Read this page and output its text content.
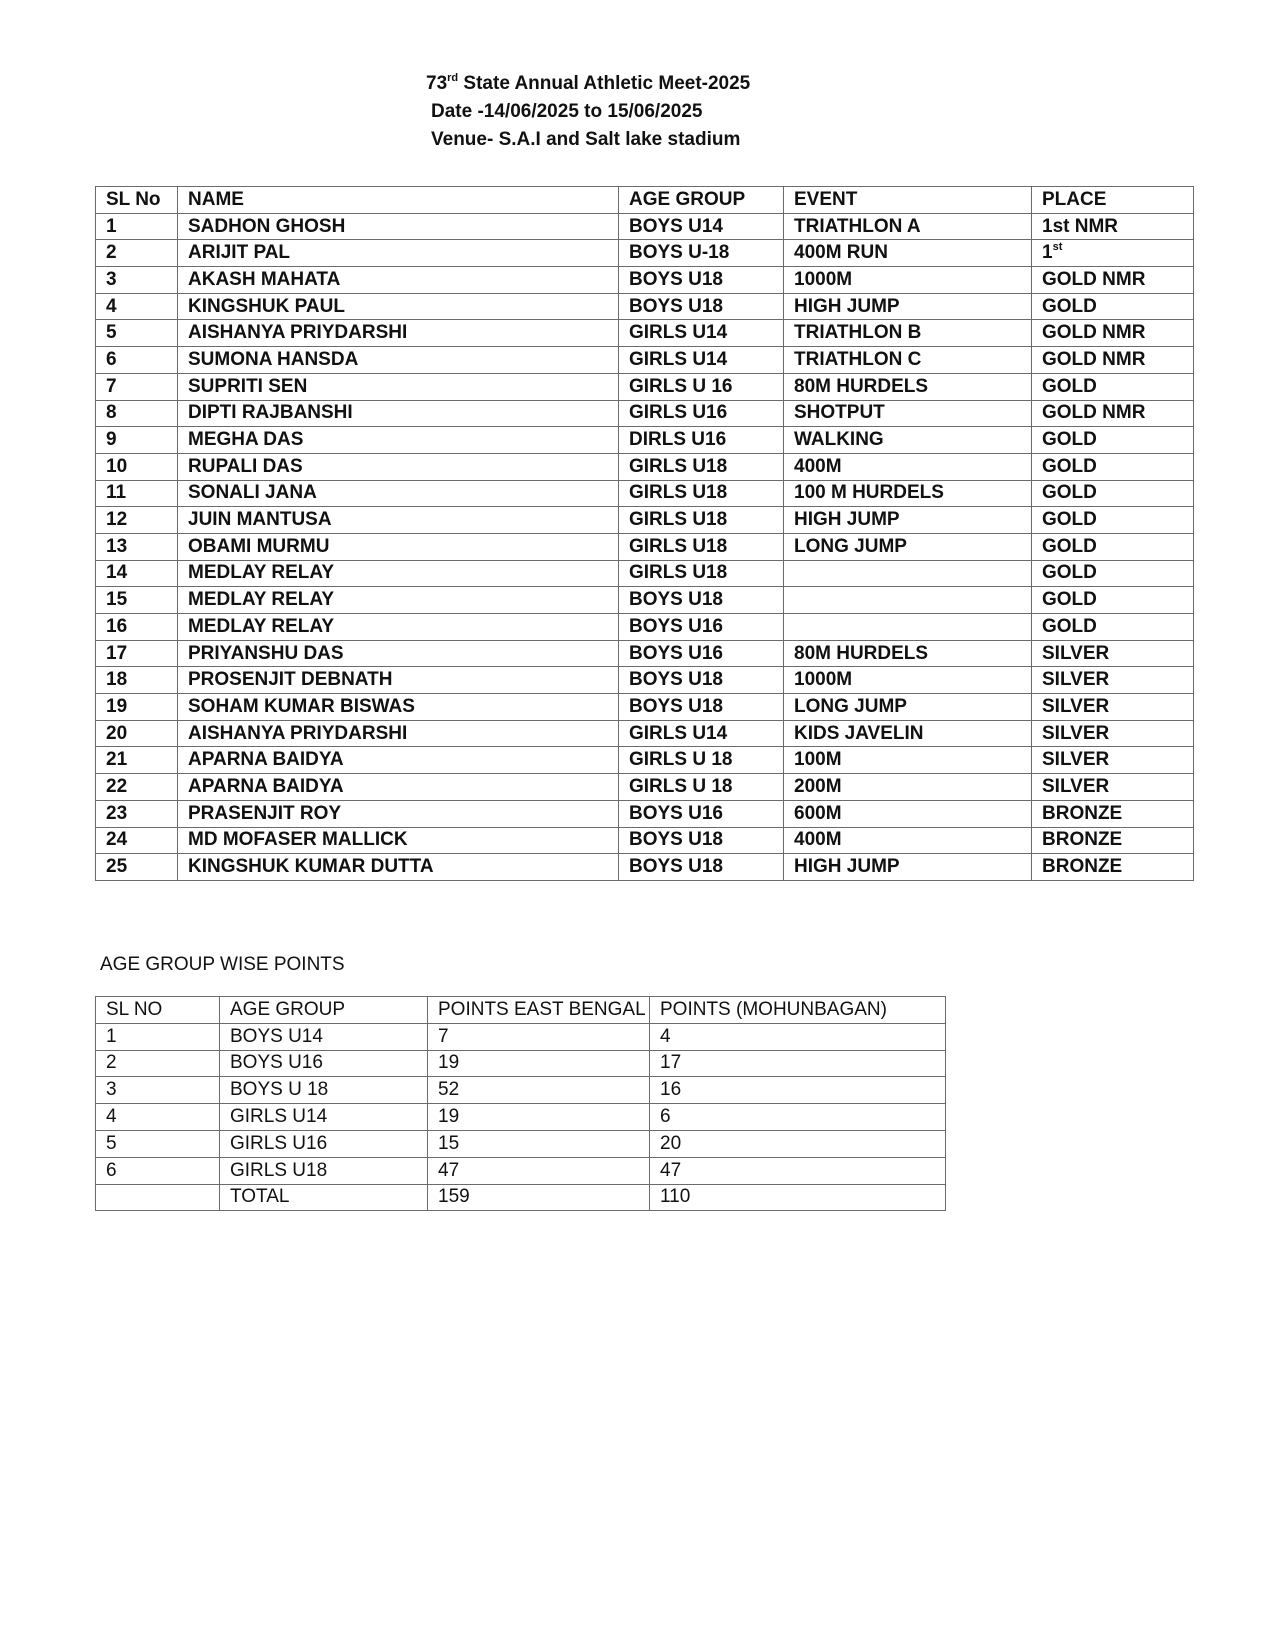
73rd State Annual Athletic Meet-2025
Date -14/06/2025 to 15/06/2025
Venue- S.A.I and Salt lake stadium
SL No	NAME	AGE GROUP	EVENT	PLACE
1	SADHON GHOSH	BOYS U14	TRIATHLON A	1st NMR
2	ARIJIT PAL	BOYS U-18	400M RUN	1st
3	AKASH MAHATA	BOYS U18	1000M	GOLD NMR
4	KINGSHUK PAUL	BOYS U18	HIGH JUMP	GOLD
5	AISHANYA PRIYDARSHI	GIRLS U14	TRIATHLON B	GOLD NMR
6	SUMONA HANSDA	GIRLS U14	TRIATHLON C	GOLD NMR
7	SUPRITI SEN	GIRLS U 16	80M HURDELS	GOLD
8	DIPTI RAJBANSHI	GIRLS U16	SHOTPUT	GOLD NMR
9	MEGHA DAS	DIRLS U16	WALKING	GOLD
10	RUPALI DAS	GIRLS U18	400M	GOLD
11	SONALI JANA	GIRLS U18	100 M HURDELS	GOLD
12	JUIN MANTUSA	GIRLS U18	HIGH JUMP	GOLD
13	OBAMI MURMU	GIRLS U18	LONG JUMP	GOLD
14	MEDLAY RELAY	GIRLS U18		GOLD
15	MEDLAY RELAY	BOYS U18		GOLD
16	MEDLAY RELAY	BOYS U16		GOLD
17	PRIYANSHU DAS	BOYS U16	80M HURDELS	SILVER
18	PROSENJIT DEBNATH	BOYS U18	1000M	SILVER
19	SOHAM KUMAR BISWAS	BOYS U18	LONG JUMP	SILVER
20	AISHANYA PRIYDARSHI	GIRLS U14	KIDS JAVELIN	SILVER
21	APARNA BAIDYA	GIRLS U 18	100M	SILVER
22	APARNA BAIDYA	GIRLS U 18	200M	SILVER
23	PRASENJIT ROY	BOYS U16	600M	BRONZE
24	MD MOFASER MALLICK	BOYS U18	400M	BRONZE
25	KINGSHUK KUMAR DUTTA	BOYS U18	HIGH JUMP	BRONZE
AGE GROUP WISE POINTS
SL NO	AGE GROUP	POINTS EAST BENGAL	POINTS (MOHUNBAGAN)
1	BOYS U14	7	4
2	BOYS U16	19	17
3	BOYS U 18	52	16
4	GIRLS U14	19	6
5	GIRLS U16	15	20
6	GIRLS U18	47	47
	TOTAL	159	110
